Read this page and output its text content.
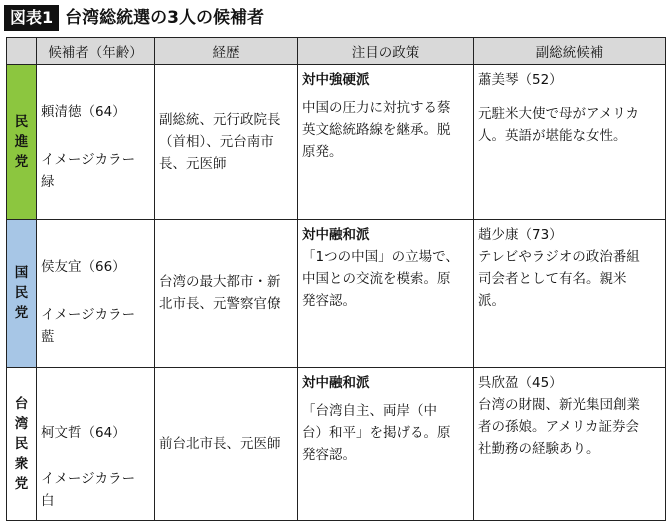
図表1 台湾総統選の3人の候補者
	候補者（年齢）	経歴	注目の政策	副総統候補

民
進
党	頼清徳（64）
イメージカラー
緑	副総統、元行政院長
（首相）、元台南市
長、元医師	対中強硬派
中国の圧力に対抗する蔡
英文総統路線を継承。脱
原発。	蕭美琴（52）
元駐米大使で母がアメリカ
人。英語が堪能な女性。

国
民
党	侯友宜（66）
イメージカラー
藍	台湾の最大都市・新
北市長、元警察官僚	対中融和派
「1つの中国」の立場で、
中国との交流を模索。原
発容認。	趙少康（73）
テレビやラジオの政治番組
司会者として有名。親米
派。

台
湾
民
衆
党	柯文哲（64）
イメージカラー
白	前台北市長、元医師	対中融和派
「台湾自主、両岸（中
台）和平」を掲げる。原
発容認。	呉欣盈（45）
台湾の財閥、新光集団創業
者の孫娘。アメリカ証券会
社勤務の経験あり。
